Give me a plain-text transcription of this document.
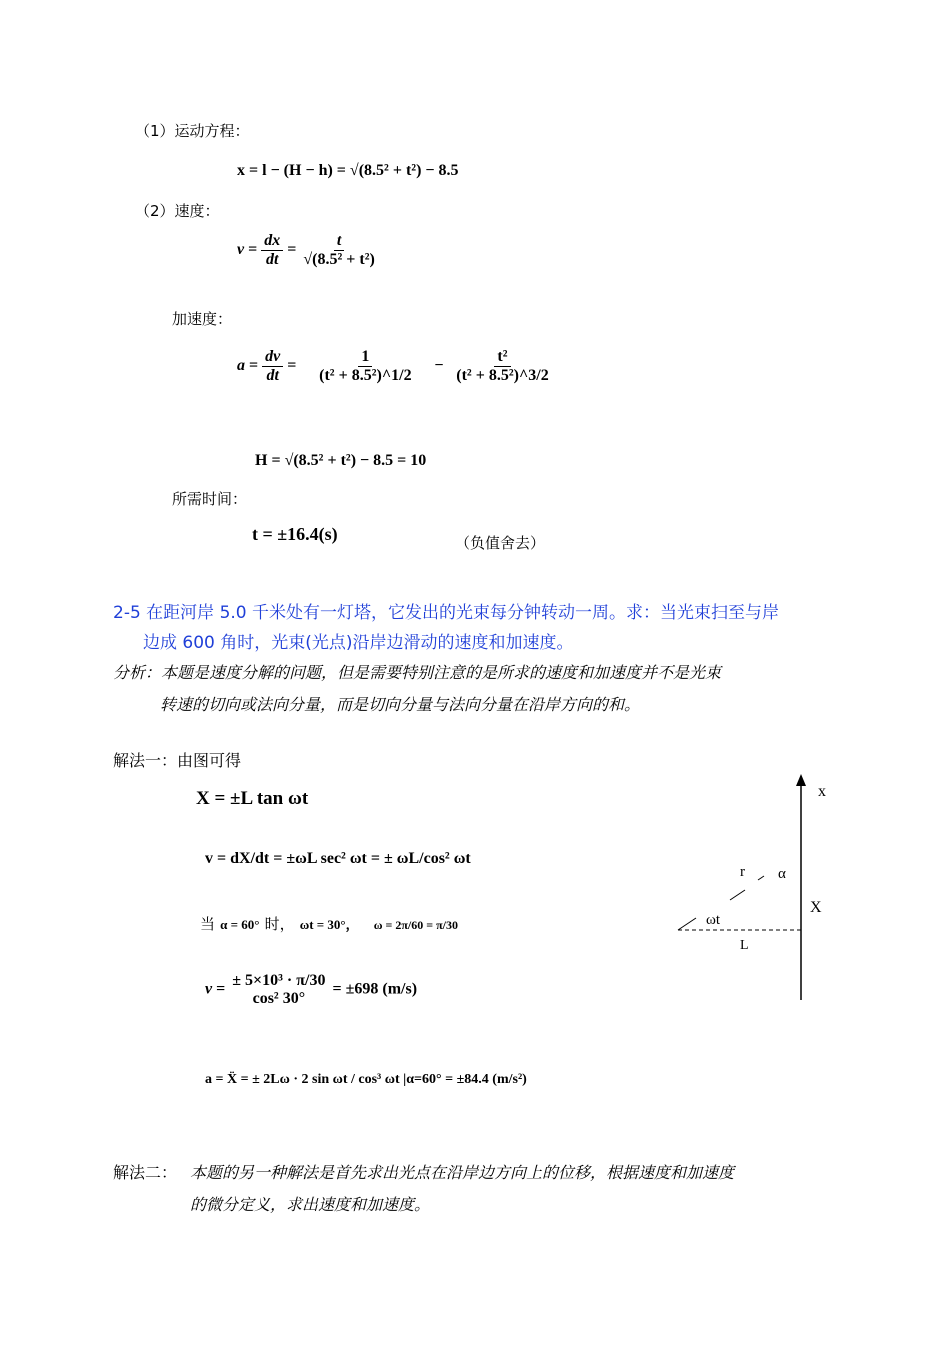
（1）运动方程：
x = l − (H − h) = √(8.5² + t²) − 8.5
（2）速度：
$v = \frac{dx}{dt} = \frac{t}{\text{√(8.5² + t²)}}$
加速度：
$a = \frac{dv}{dt} = \frac{1}{\text{(t² + 8.5²)\textasciicircum{}1/2}} - \frac{\text{t²}}{\text{(t² + 8.5²)\textasciicircum{}3/2}}$
H = √(8.5² + t²) − 8.5 = 10
所需时间：
t = ±16.4(s)	（负值舍去）
2-5 在距河岸 5.0 千米处有一灯塔，它发出的光束每分钟转动一周。求：当光束扫至与岸
边成 600 角时，光束(光点)沿岸边滑动的速度和加速度。
分析：本题是速度分解的问题，但是需要特别注意的是所求的速度和加速度并不是光束
转速的切向或法向分量，而是切向分量与法向分量在沿岸方向的和。
解法一：由图可得
X = ±L tan ωt
v = dX/dt = ±ωL sec² ωt = ± ωL/cos² ωt
当 α = 60° 时， ωt = 30°， ω = 2π/60 = π/30
v =
± 5×10³ · π/30
cos² 30°
= ±698 (m/s)
a = Ẍ = ± 2Lω · 2 sin ωt / cos³ ωt |α=60° = ±84.4 (m/s²)
解法二： 本题的另一种解法是首先求出光点在沿岸边方向上的位移，根据速度和加速度
的微分定义，求出速度和加速度。
x
r α
X
ωt
L
